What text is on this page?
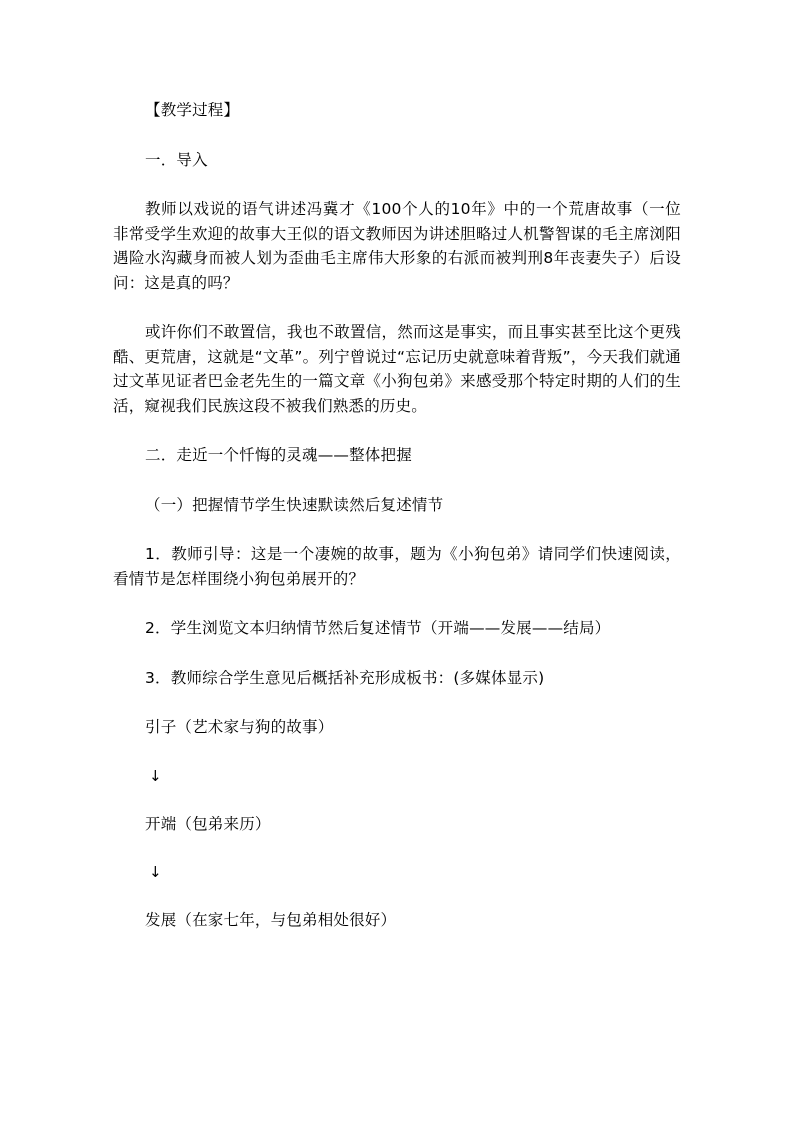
【教学过程】

一．导入

教师以戏说的语气讲述冯冀才《100个人的10年》中的一个荒唐故事（一位非常受学生欢迎的故事大王似的语文教师因为讲述胆略过人机警智谋的毛主席浏阳遇险水沟藏身而被人划为歪曲毛主席伟大形象的右派而被判刑8年丧妻失子）后设问：这是真的吗？

或许你们不敢置信，我也不敢置信，然而这是事实，而且事实甚至比这个更残酷、更荒唐，这就是“文革”。列宁曾说过“忘记历史就意味着背叛”，今天我们就通过文革见证者巴金老先生的一篇文章《小狗包弟》来感受那个特定时期的人们的生活，窥视我们民族这段不被我们熟悉的历史。

二．走近一个忏悔的灵魂——整体把握

（一）把握情节学生快速默读然后复述情节

1．教师引导：这是一个凄婉的故事，题为《小狗包弟》请同学们快速阅读，看情节是怎样围绕小狗包弟展开的？

2．学生浏览文本归纳情节然后复述情节（开端——发展——结局）

3．教师综合学生意见后概括补充形成板书：(多媒体显示)

引子（艺术家与狗的故事）

↓

开端（包弟来历）

↓

发展（在家七年，与包弟相处很好）
